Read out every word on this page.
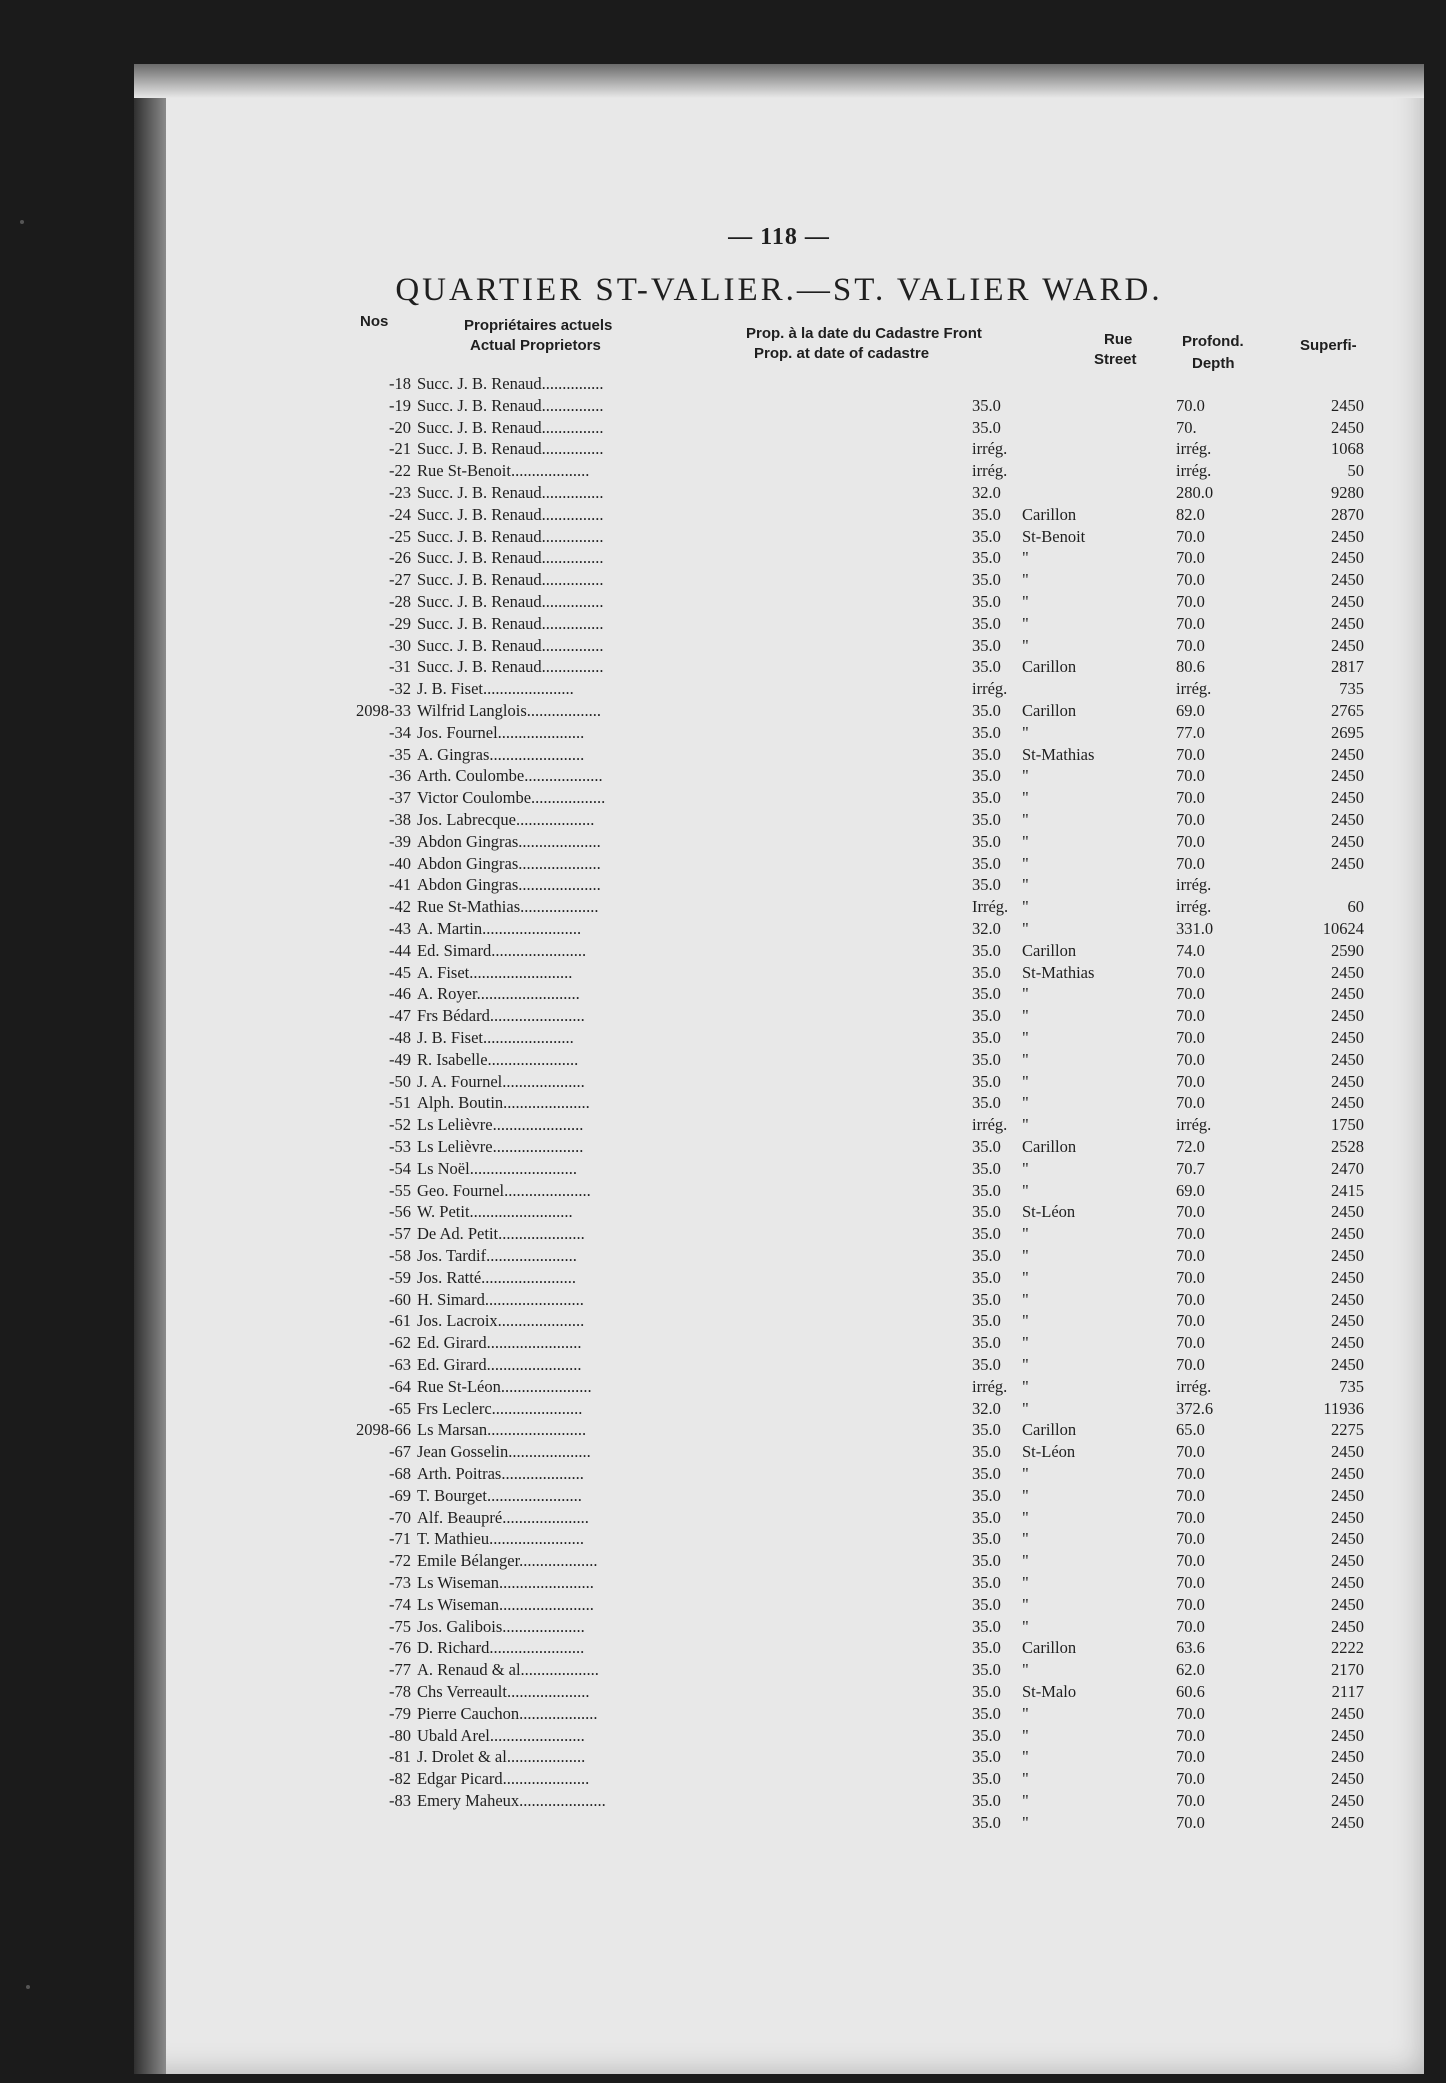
— 118 —
QUARTIER ST-VALIER.—ST. VALIER WARD.
Nos	Propriétaires actuels
Actual Proprietors
Prop. à la date du Cadastre Front
Prop. at date of cadastre
Rue
Street
Profond.
Depth
Superfi-
-18 Succ. J. B. Renaud...............
-19 Succ. J. B. Renaud...............	35.0	70.0	2450
-20 Succ. J. B. Renaud...............	35.0	70.	2450
-21 Succ. J. B. Renaud...............	irrég.	irrég.	1068
-22 Rue St-Benoit...................	irrég.	irrég.	50
-23 Succ. J. B. Renaud...............	32.0	280.0	9280
-24 Succ. J. B. Renaud...............	35.0 Carillon	82.0	2870
-25 Succ. J. B. Renaud...............	35.0 St-Benoit	70.0	2450
-26 Succ. J. B. Renaud...............	35.0 "	70.0	2450
-27 Succ. J. B. Renaud...............	35.0 "	70.0	2450
-28 Succ. J. B. Renaud...............	35.0 "	70.0	2450
-29 Succ. J. B. Renaud...............	35.0 "	70.0	2450
-30 Succ. J. B. Renaud...............	35.0 "	70.0	2450
-31 Succ. J. B. Renaud...............	35.0 Carillon	80.6	2817
-32 J. B. Fiset......................	irrég.	irrég.	735
2098-33 Wilfrid Langlois..................	35.0 Carillon	69.0	2765
-34 Jos. Fournel.....................	35.0 "	77.0	2695
-35 A. Gingras.......................	35.0 St-Mathias	70.0	2450
-36 Arth. Coulombe...................	35.0 "	70.0	2450
-37 Victor Coulombe..................	35.0 "	70.0	2450
-38 Jos. Labrecque...................	35.0 "	70.0	2450
-39 Abdon Gingras....................	35.0 "	70.0	2450
-40 Abdon Gingras....................	35.0 "	70.0	2450
-41 Abdon Gingras....................	35.0 "	irrég.
-42 Rue St-Mathias...................	Irrég. "	irrég.	60
-43 A. Martin........................	32.0 "	331.0	10624
-44 Ed. Simard.......................	35.0 Carillon	74.0	2590
-45 A. Fiset.........................	35.0 St-Mathias	70.0	2450
-46 A. Royer.........................	35.0 "	70.0	2450
-47 Frs Bédard.......................	35.0 "	70.0	2450
-48 J. B. Fiset......................	35.0 "	70.0	2450
-49 R. Isabelle......................	35.0 "	70.0	2450
-50 J. A. Fournel....................	35.0 "	70.0	2450
-51 Alph. Boutin.....................	35.0 "	70.0	2450
-52 Ls Lelièvre......................	irrég. "	irrég.	1750
-53 Ls Lelièvre......................	35.0 Carillon	72.0	2528
-54 Ls Noël..........................	35.0 "	70.7	2470
-55 Geo. Fournel.....................	35.0 "	69.0	2415
-56 W. Petit.........................	35.0 St-Léon	70.0	2450
-57 De Ad. Petit.....................	35.0 "	70.0	2450
-58 Jos. Tardif......................	35.0 "	70.0	2450
-59 Jos. Ratté.......................	35.0 "	70.0	2450
-60 H. Simard........................	35.0 "	70.0	2450
-61 Jos. Lacroix.....................	35.0 "	70.0	2450
-62 Ed. Girard.......................	35.0 "	70.0	2450
-63 Ed. Girard.......................	35.0 "	70.0	2450
-64 Rue St-Léon......................	irrég. "	irrég.	735
-65 Frs Leclerc......................	32.0 "	372.6	11936
2098-66 Ls Marsan........................	35.0 Carillon	65.0	2275
-67 Jean Gosselin....................	35.0 St-Léon	70.0	2450
-68 Arth. Poitras....................	35.0 "	70.0	2450
-69 T. Bourget.......................	35.0 "	70.0	2450
-70 Alf. Beaupré.....................	35.0 "	70.0	2450
-71 T. Mathieu.......................	35.0 "	70.0	2450
-72 Emile Bélanger...................	35.0 "	70.0	2450
-73 Ls Wiseman.......................	35.0 "	70.0	2450
-74 Ls Wiseman.......................	35.0 "	70.0	2450
-75 Jos. Galibois....................	35.0 "	70.0	2450
-76 D. Richard.......................	35.0 Carillon	63.6	2222
-77 A. Renaud & al...................	35.0 "	62.0	2170
-78 Chs Verreault....................	35.0 St-Malo	60.6	2117
-79 Pierre Cauchon...................	35.0 "	70.0	2450
-80 Ubald Arel.......................	35.0 "	70.0	2450
-81 J. Drolet & al...................	35.0 "	70.0	2450
-82 Edgar Picard.....................	35.0 "	70.0	2450
-83 Emery Maheux.....................	35.0 "	70.0	2450
35.0 "	70.0	2450
